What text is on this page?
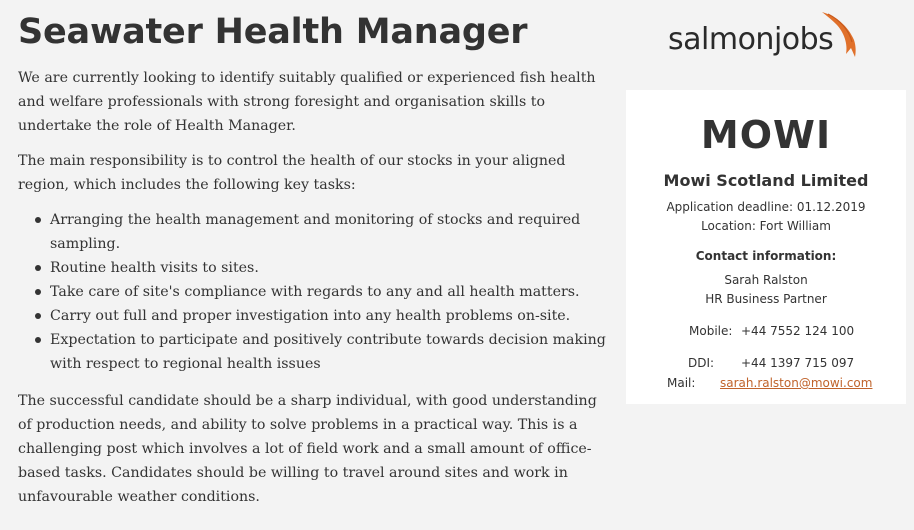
Seawater Health Manager

We are currently looking to identify suitably qualified or experienced fish health and welfare professionals with strong foresight and organisation skills to undertake the role of Health Manager.

The main responsibility is to control the health of our stocks in your aligned region, which includes the following key tasks:

Arranging the health management and monitoring of stocks and required sampling.
Routine health visits to sites.
Take care of site's compliance with regards to any and all health matters.
Carry out full and proper investigation into any health problems on-site.
Expectation to participate and positively contribute towards decision making with respect to regional health issues

The successful candidate should be a sharp individual, with good understanding of production needs, and ability to solve problems in a practical way. This is a challenging post which involves a lot of field work and a small amount of office-based tasks. Candidates should be willing to travel around sites and work in unfavourable weather conditions.

salmonjobs
MOWI
Mowi Scotland Limited
Application deadline: 01.12.2019
Location: Fort William
Contact information:
Sarah Ralston
HR Business Partner
Mobile: +44 7552 124 100
DDI: +44 1397 715 097
Mail: sarah.ralston@mowi.com
